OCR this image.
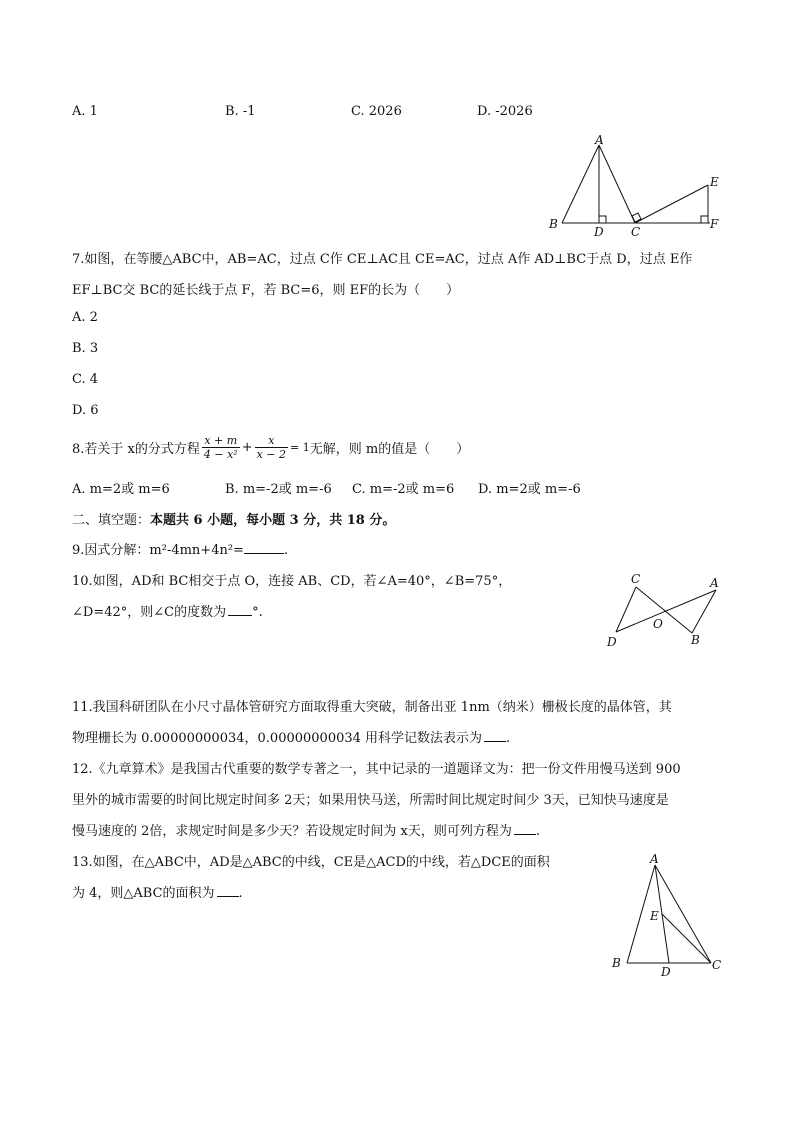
A. 1	B. -1	C. 2026	D. -2026
A
B
C
D
E
F
7.如图，在等腰△ABC中，AB=AC，过点 C作 CE⊥AC且 CE=AC，过点 A作 AD⊥BC于点 D，过点 E作
EF⊥BC交 BC的延长线于点 F，若 BC=6，则 EF的长为（　　）
A. 2
B. 3
C. 4
D. 6
8.若关于 x的分式方程 $\frac{x + m}{\text{4 − x²}} + \frac{x}{x - 2} = 1$ 无解，则 m的值是（　　）
A. m=2或 m=6	B. m=-2或 m=-6 C. m=-2或 m=6 D. m=2或 m=-6
二、填空题：本题共 6 小题，每小题 3 分，共 18 分。
9.因式分解：m²-4mn+4n²=	.
10.如图，AD和 BC相交于点 O，连接 AB、CD，若∠A=40°，∠B=75°，
∠D=42°，则∠C的度数为 °.
C	A
D
O
B
11.我国科研团队在小尺寸晶体管研究方面取得重大突破，制备出亚 1nm（纳米）栅极长度的晶体管，其
物理栅长为 0.00000000034，0.00000000034 用科学记数法表示为 .
12.《九章算术》是我国古代重要的数学专著之一，其中记录的一道题译文为：把一份文件用慢马送到 900
里外的城市需要的时间比规定时间多 2天；如果用快马送，所需时间比规定时间少 3天，已知快马速度是
慢马速度的 2倍，求规定时间是多少天？若设规定时间为 x天，则可列方程为 .
13.如图，在△ABC中，AD是△ABC的中线，CE是△ACD的中线，若△DCE的面积
为 4，则△ABC的面积为 .
A
B	C
D
E
